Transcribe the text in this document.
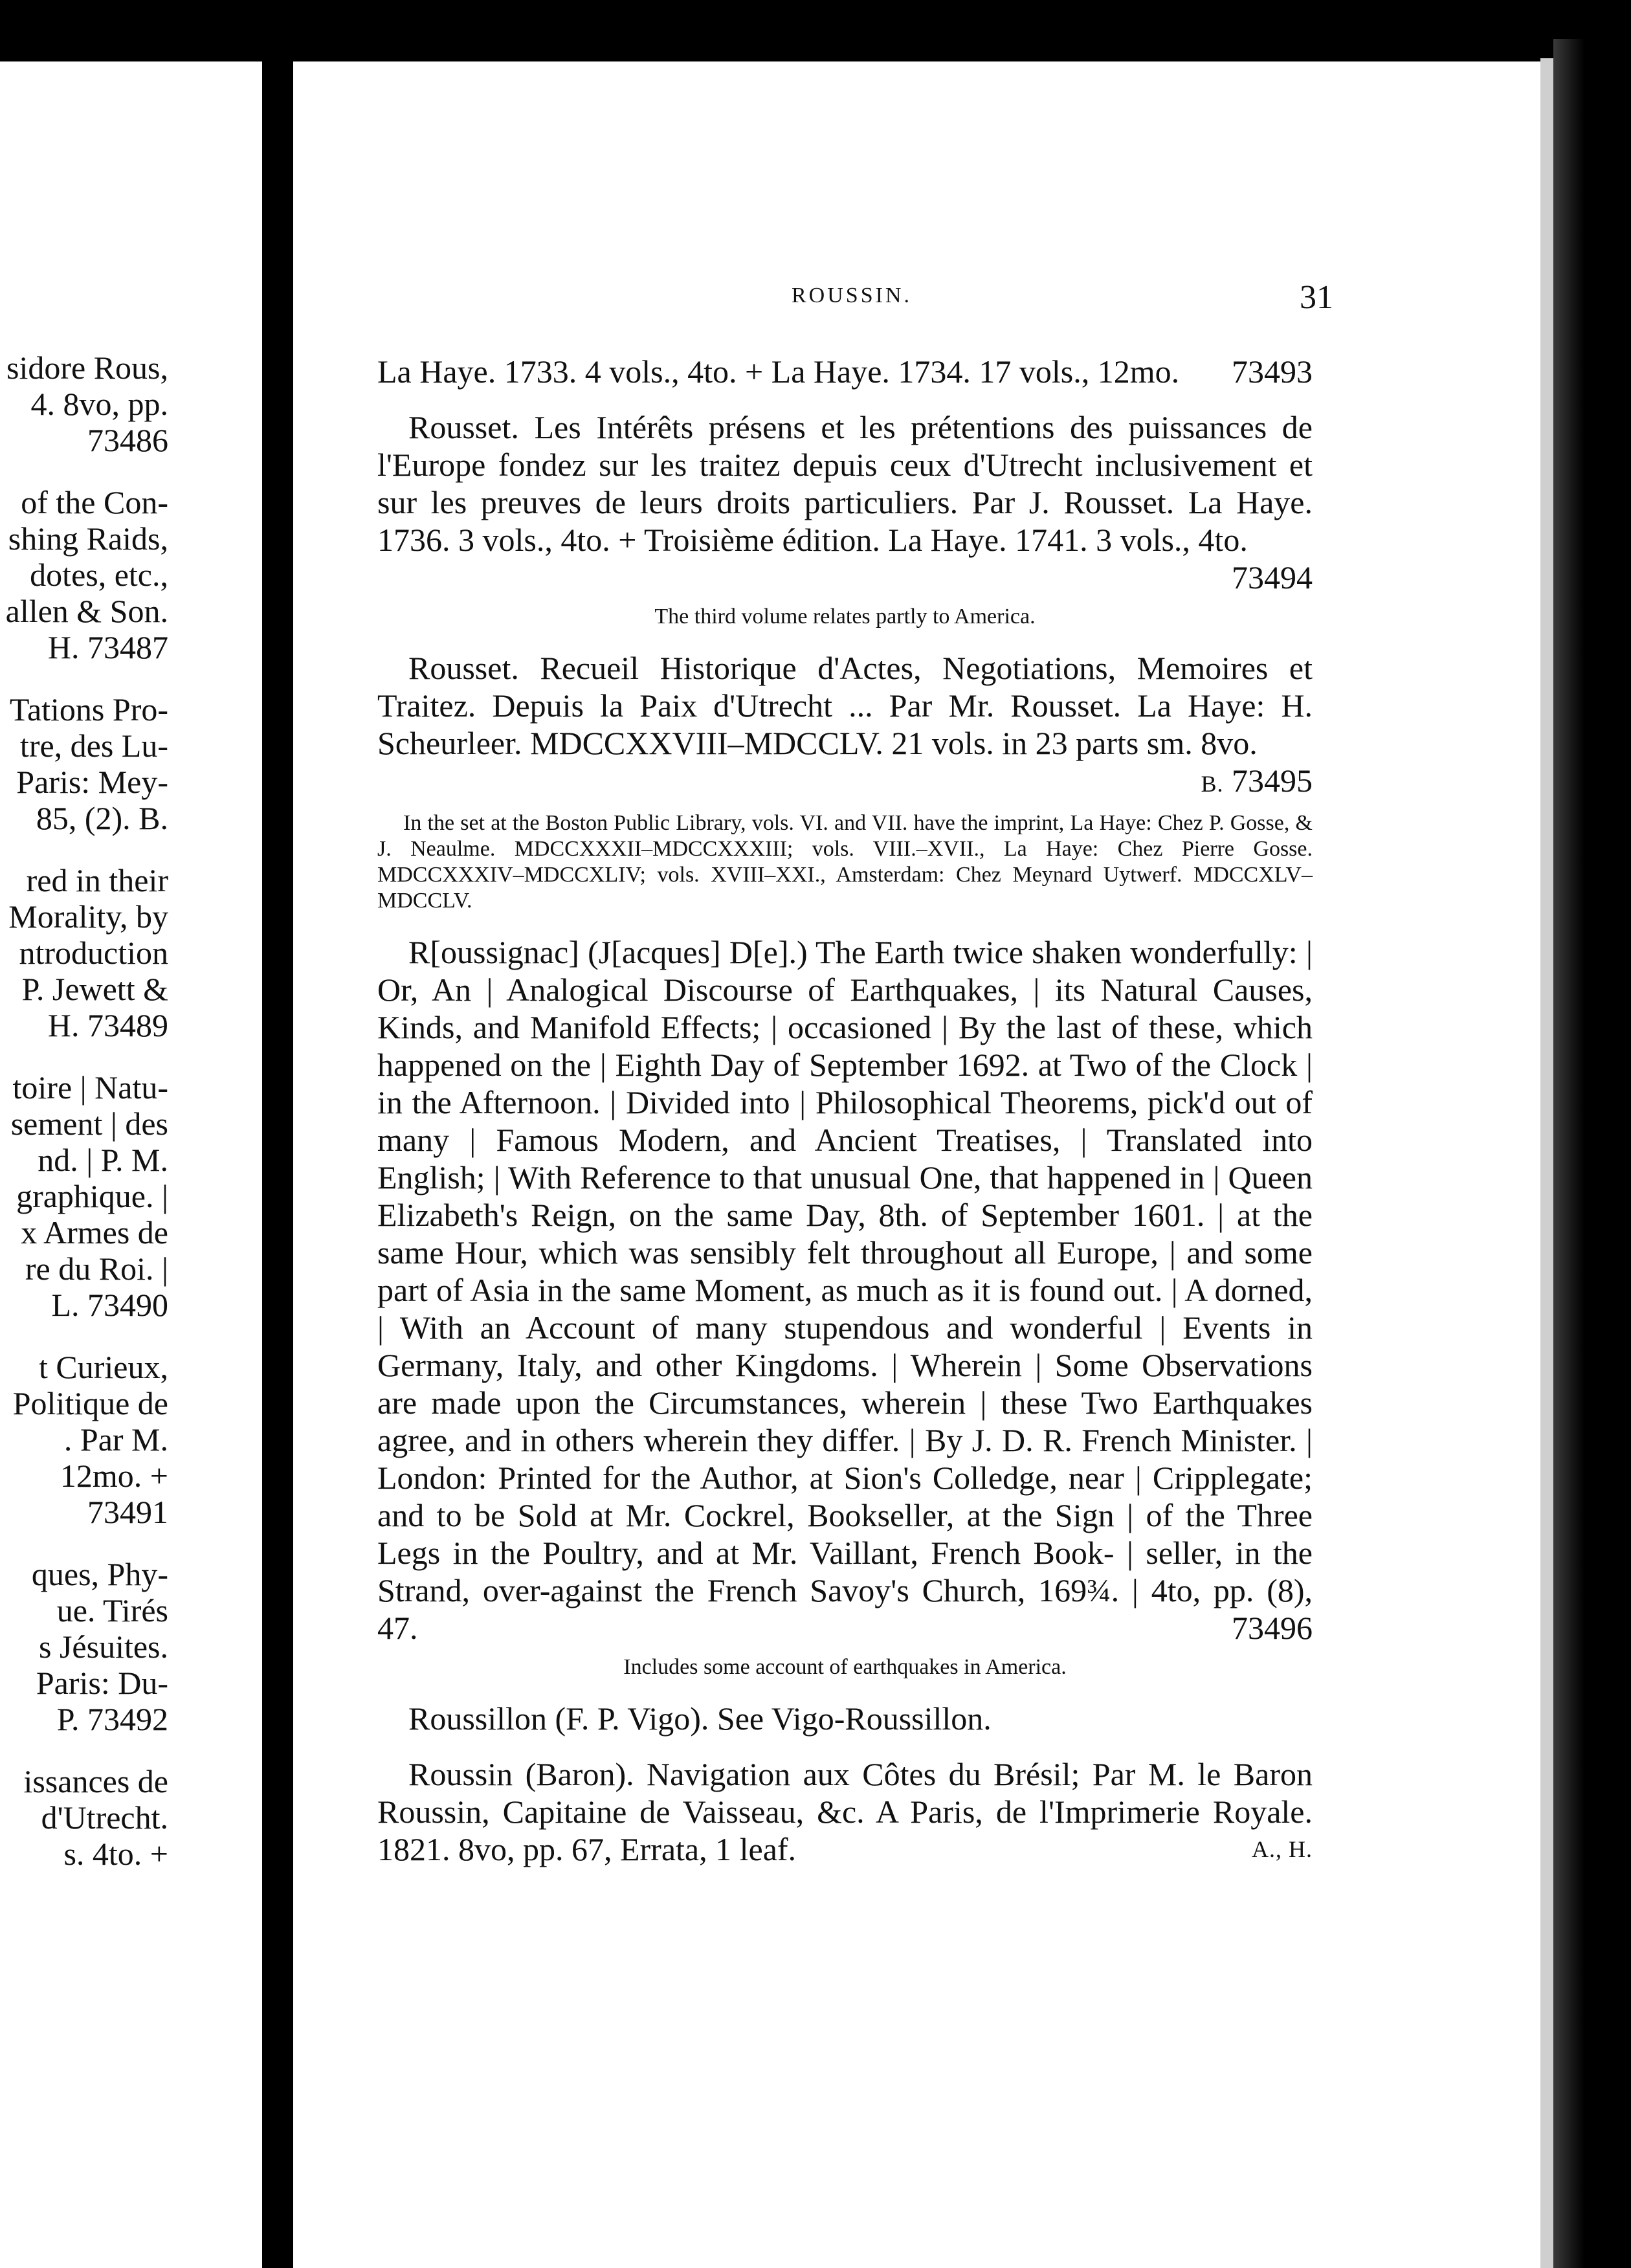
sidore Rous,
4. 8vo, pp.
73486
of the Con-
shing Raids,
dotes, etc.,
allen & Son.
H. 73487
Tations Pro-
tre, des Lu-
Paris: Mey-
85, (2). B.
red in their
Morality, by
ntroduction
P. Jewett &
H. 73489
toire | Natu-
sement | des
nd. | P. M.
graphique. |
x Armes de
re du Roi. |
L. 73490
t Curieux,
Politique de
. Par M.
12mo. +
73491
ques, Phy-
ue. Tirés
s Jésuites.
Paris: Du-
P. 73492
issances de
d'Utrecht.
s. 4to. +
ROUSSIN.	31
La Haye. 1733. 4 vols., 4to. + La Haye. 1734. 17 vols., 12mo. 73493
Rousset. Les Intérêts présens et les prétentions des puissances de l'Europe fondez sur les traitez depuis ceux d'Utrecht inclusivement et sur les preuves de leurs droits particuliers. Par J. Rousset. La Haye. 1736. 3 vols., 4to. + Troisième édition. La Haye. 1741. 3 vols., 4to.
73494
The third volume relates partly to America.
Rousset. Recueil Historique d'Actes, Negotiations, Memoires et Traitez. Depuis la Paix d'Utrecht ... Par Mr. Rousset. La Haye: H. Scheurleer. MDCCXXVIII–MDCCLV. 21 vols. in 23 parts sm. 8vo.
B. 73495
In the set at the Boston Public Library, vols. VI. and VII. have the imprint, La Haye: Chez P. Gosse, & J. Neaulme. MDCCXXXII–MDCCXXXIII; vols. VIII.–XVII., La Haye: Chez Pierre Gosse. MDCCXXXIV–MDCCXLIV; vols. XVIII–XXI., Amsterdam: Chez Meynard Uytwerf. MDCCXLV–MDCCLV.
R[oussignac] (J[acques] D[e].) The Earth twice shaken wonderfully: | Or, An | Analogical Discourse of Earthquakes, | its Natural Causes, Kinds, and Manifold Effects; | occasioned | By the last of these, which happened on the | Eighth Day of September 1692. at Two of the Clock | in the Afternoon. | Divided into | Philosophical Theorems, pick'd out of many | Famous Modern, and Ancient Treatises, | Translated into English; | With Reference to that unusual One, that happened in | Queen Elizabeth's Reign, on the same Day, 8th. of September 1601. | at the same Hour, which was sensibly felt throughout all Europe, | and some part of Asia in the same Moment, as much as it is found out. | A dorned, | With an Account of many stupendous and wonderful | Events in Germany, Italy, and other Kingdoms. | Wherein | Some Observations are made upon the Circumstances, wherein | these Two Earthquakes agree, and in others wherein they differ. | By J. D. R. French Minister. | London: Printed for the Author, at Sion's Colledge, near | Cripplegate; and to be Sold at Mr. Cockrel, Bookseller, at the Sign | of the Three Legs in the Poultry, and at Mr. Vaillant, French Book- | seller, in the Strand, over-against the French Savoy's Church, 169¾. | 4to, pp. (8), 47.	73496
Includes some account of earthquakes in America.
Roussillon (F. P. Vigo). See Vigo-Roussillon.
Roussin (Baron). Navigation aux Côtes du Brésil; Par M. le Baron Roussin, Capitaine de Vaisseau, &c. A Paris, de l'Imprimerie Royale. 1821. 8vo, pp. 67, Errata, 1 leaf.	A., H.
